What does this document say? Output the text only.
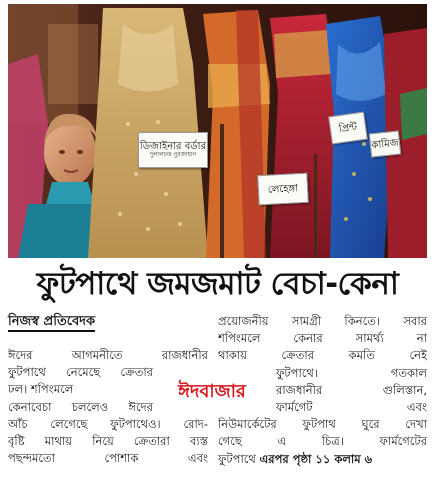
ডিজাইনার বর্ডার
দুলালচন্দ্র নুরজাহান
লেহেঙ্গা
প্রিন্ট
কামিজ
ফুটপাথে জমজমাট বেচা-কেনা
নিজস্ব প্রতিবেদক
ঈদের আগমনীতে রাজধানীর
ফুটপাথে নেমেছে ক্রেতার
ঢল। শপিংমলে
কেনাবেচা চললেও ঈদের
আঁচ লেগেছে ফুটপাথেও। রোদ-
বৃষ্টি মাথায় নিয়ে ক্রেতারা ব্যস্ত
পছন্দমতো পোশাক এবং
প্রয়োজনীয় সামগ্রী কিনতে। সবার
শপিংমলে কেনার সামর্থ্য না
থাকায় ক্রেতার কমতি নেই
ফুটপাথে। গতকাল
রাজধানীর গুলিস্তান,
ফার্মগেট এবং
নিউমার্কেটের ফুটপাথ ঘুরে দেখা
গেছে এ চিত্র। ফার্মগেটের
ফুটপাথে এরপর পৃষ্ঠা ১১ কলাম ৬
ঈদবাজার
